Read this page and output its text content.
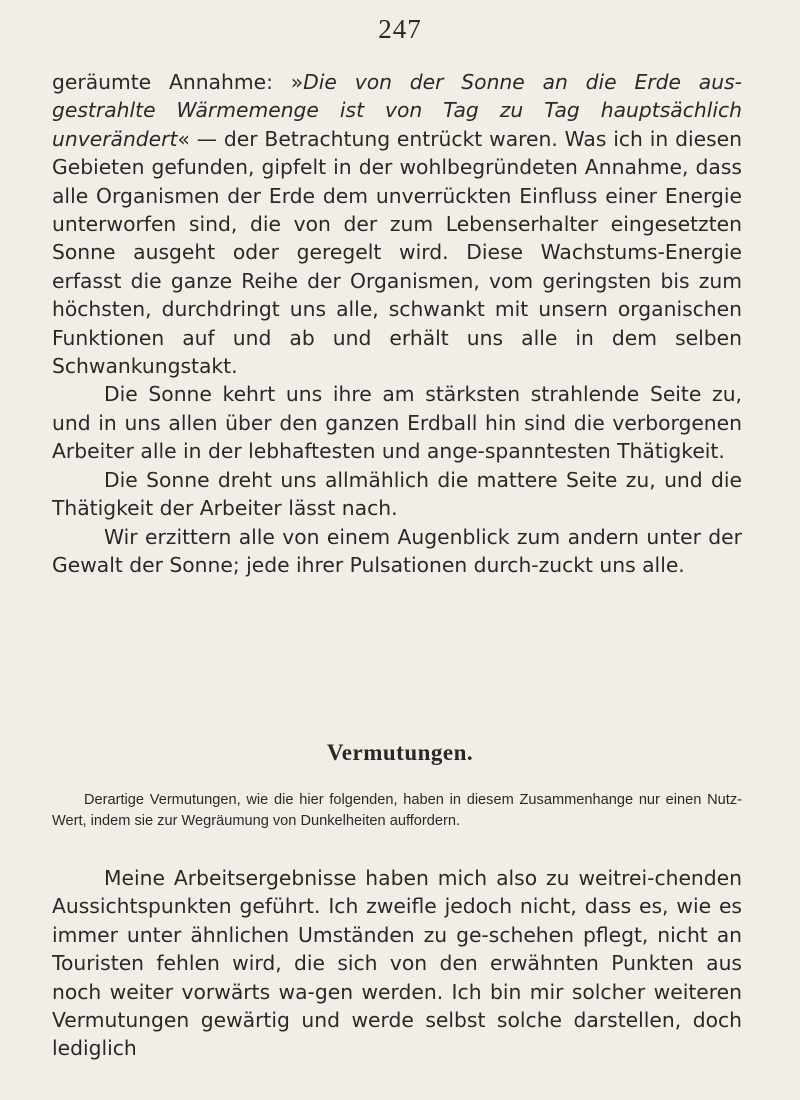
247

geräumte Annahme: »Die von der Sonne an die Erde aus-gestrahlte Wärmemenge ist von Tag zu Tag hauptsächlich unverändert« — der Betrachtung entrückt waren. Was ich in diesen Gebieten gefunden, gipfelt in der wohlbegründeten Annahme, dass alle Organismen der Erde dem unverrückten Einfluss einer Energie unterworfen sind, die von der zum Lebenserhalter eingesetzten Sonne ausgeht oder geregelt wird. Diese Wachstums-Energie erfasst die ganze Reihe der Organismen, vom geringsten bis zum höchsten, durchdringt uns alle, schwankt mit unsern organischen Funktionen auf und ab und erhält uns alle in dem selben Schwankungstakt.

Die Sonne kehrt uns ihre am stärksten strahlende Seite zu, und in uns allen über den ganzen Erdball hin sind die verborgenen Arbeiter alle in der lebhaftesten und ange-spanntesten Thätigkeit.

Die Sonne dreht uns allmählich die mattere Seite zu, und die Thätigkeit der Arbeiter lässt nach.

Wir erzittern alle von einem Augenblick zum andern unter der Gewalt der Sonne; jede ihrer Pulsationen durch-zuckt uns alle.

Vermutungen.

Derartige Vermutungen, wie die hier folgenden, haben in diesem Zusammenhange nur einen Nutz-Wert, indem sie zur Wegräumung von Dunkelheiten auffordern.

Meine Arbeitsergebnisse haben mich also zu weitrei-chenden Aussichtspunkten geführt. Ich zweifle jedoch nicht, dass es, wie es immer unter ähnlichen Umständen zu ge-schehen pflegt, nicht an Touristen fehlen wird, die sich von den erwähnten Punkten aus noch weiter vorwärts wa-gen werden. Ich bin mir solcher weiteren Vermutungen gewärtig und werde selbst solche darstellen, doch lediglich
